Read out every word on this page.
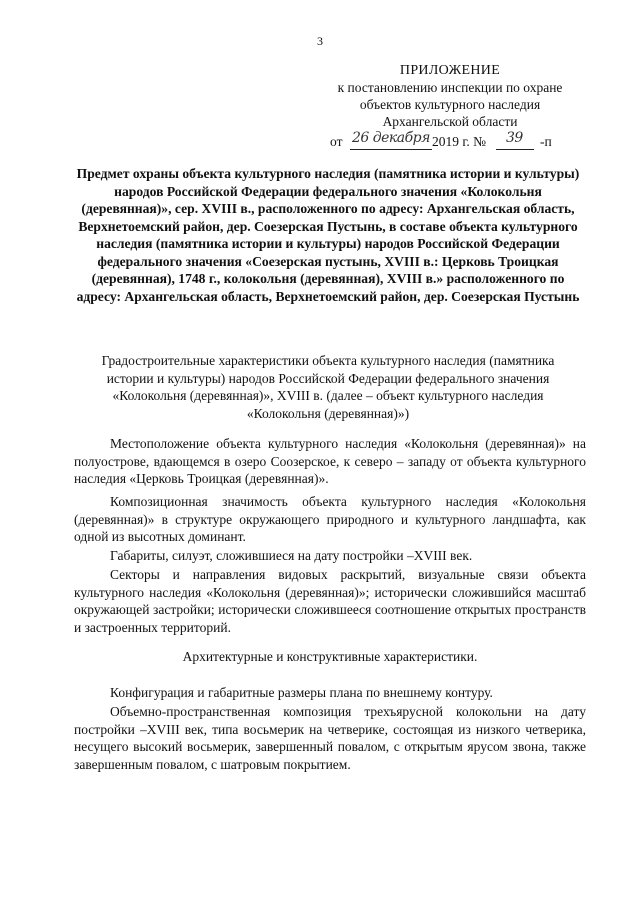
3
ПРИЛОЖЕНИЕ
к постановлению инспекции по охране
объектов культурного наследия
Архангельской области
от 26 декабря 2019 г. № 39 -п
Предмет охраны объекта культурного наследия (памятника истории и культуры) народов Российской Федерации федерального значения «Колокольня (деревянная)», сер. XVIII в., расположенного по адресу: Архангельская область, Верхнетоемский район, дер. Соезерская Пустынь, в составе объекта культурного наследия (памятника истории и культуры) народов Российской Федерации федерального значения «Соезерская пустынь, XVIII в.: Церковь Троицкая (деревянная), 1748 г., колокольня (деревянная), XVIII в.» расположенного по адресу: Архангельская область, Верхнетоемский район, дер. Соезерская Пустынь
Градостроительные характеристики объекта культурного наследия (памятника истории и культуры) народов Российской Федерации федерального значения «Колокольня (деревянная)», XVIII в. (далее – объект культурного наследия «Колокольня (деревянная)»)
Местоположение объекта культурного наследия «Колокольня (деревянная)» на полуострове, вдающемся в озеро Соозерское, к северо – западу от объекта культурного наследия «Церковь Троицкая (деревянная)».
Композиционная значимость объекта культурного наследия «Колокольня (деревянная)» в структуре окружающего природного и культурного ландшафта, как одной из высотных доминант.
Габариты, силуэт, сложившиеся на дату постройки –XVIII век.
Секторы и направления видовых раскрытий, визуальные связи объекта культурного наследия «Колокольня (деревянная)»; исторически сложившийся масштаб окружающей застройки; исторически сложившееся соотношение открытых пространств и застроенных территорий.
Архитектурные и конструктивные характеристики.
Конфигурация и габаритные размеры плана по внешнему контуру.
Объемно-пространственная композиция трехъярусной колокольни на дату постройки –XVIII век, типа восьмерик на четверике, состоящая из низкого четверика, несущего высокий восьмерик, завершенный повалом, с открытым ярусом звона, также завершенным повалом, с шатровым покрытием.
